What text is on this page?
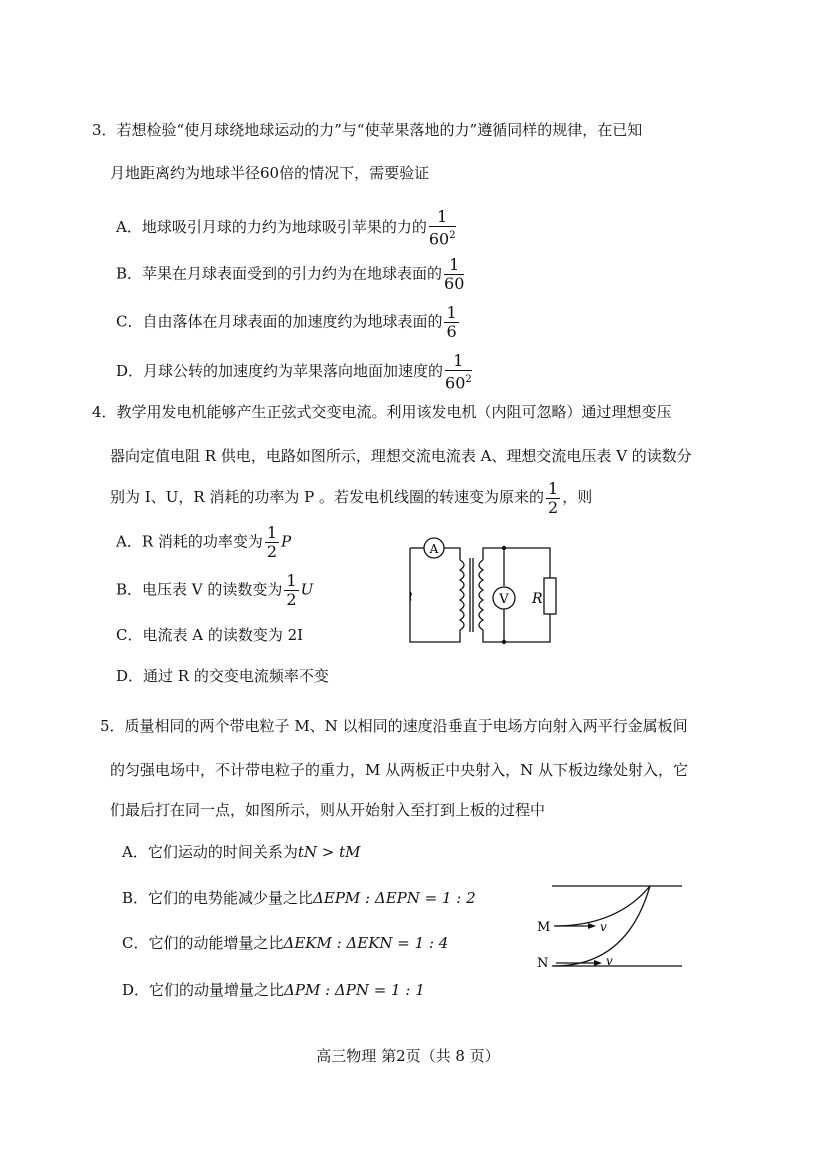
3．若想检验“使月球绕地球运动的力”与“使苹果落地的力”遵循同样的规律，在已知
月地距离约为地球半径60倍的情况下，需要验证
A．地球吸引月球的力约为地球吸引苹果的力的 $\frac{1}{60^2}$
B．苹果在月球表面受到的引力约为在地球表面的 $\frac{1}{60}$
C．自由落体在月球表面的加速度约为地球表面的 $\frac{1}{6}$
D．月球公转的加速度约为苹果落向地面加速度的 $\frac{1}{60^2}$
4．教学用发电机能够产生正弦式交变电流。利用该发电机（内阻可忽略）通过理想变压
器向定值电阻 R 供电，电路如图所示，理想交流电流表 A、理想交流电压表 V 的读数分
别为 I、U，R 消耗的功率为 P 。若发电机线圈的转速变为原来的 $\frac{1}{2}$ ，则
A．R 消耗的功率变为 $\frac{1}{2}$ P
B．电压表 V 的读数变为 $\frac{1}{2}$ U
C．电流表 A 的读数变为 2I
D．通过 R 的交变电流频率不变
A
V R
~
5．质量相同的两个带电粒子 M、N 以相同的速度沿垂直于电场方向射入两平行金属板间
的匀强电场中，不计带电粒子的重力，M 从两板正中央射入，N 从下板边缘处射入，它
们最后打在同一点，如图所示，则从开始射入至打到上板的过程中
A．它们运动的时间关系为tN > tM
B．它们的电势能减少量之比ΔEPM : ΔEPN = 1 : 2
C．它们的动能增量之比ΔEKM : ΔEKN = 1 : 4
D．它们的动量增量之比ΔPM : ΔPN = 1 : 1
M
N
v
v
高三物理 第2页（共 8 页）
